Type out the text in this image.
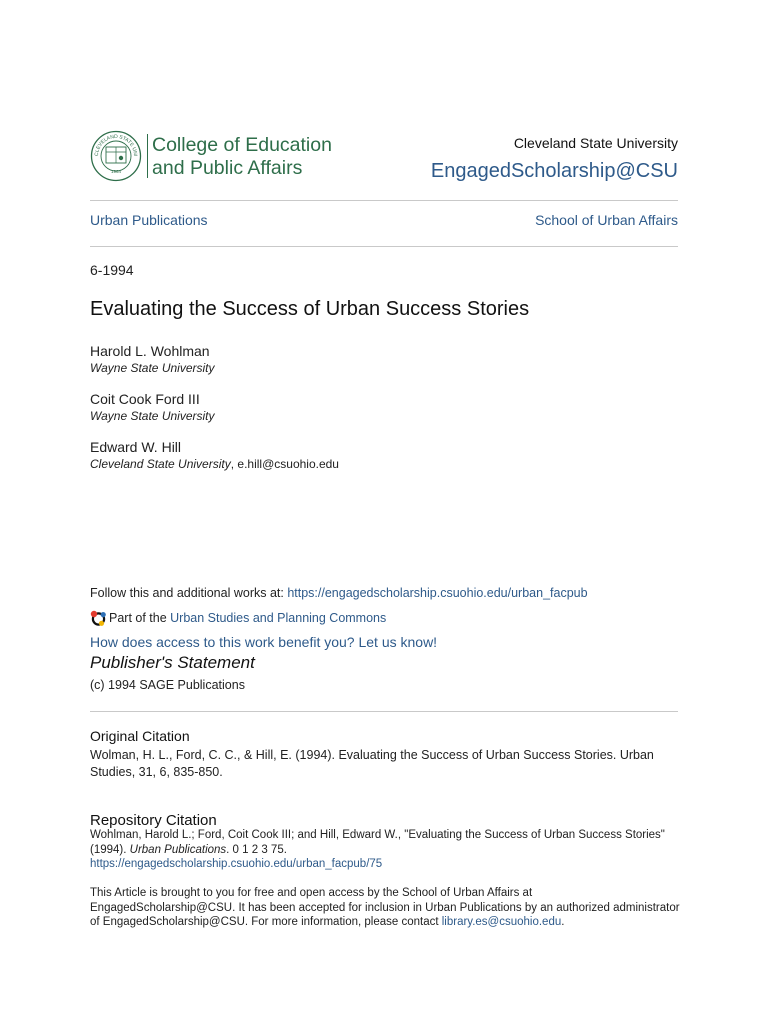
CLEVELAND STATE UNI
1964
College of Education
and Public Affairs
Cleveland State University
EngagedScholarship@CSU
Urban Publications	School of Urban Affairs
6-1994
Evaluating the Success of Urban Success Stories
Harold L. Wohlman
Wayne State University
Coit Cook Ford III
Wayne State University
Edward W. Hill
Cleveland State University, e.hill@csuohio.edu
Follow this and additional works at: https://engagedscholarship.csuohio.edu/urban_facpub
Part of the Urban Studies and Planning Commons
How does access to this work benefit you? Let us know!
Publisher's Statement
(c) 1994 SAGE Publications
Original Citation
Wolman, H. L., Ford, C. C., & Hill, E. (1994). Evaluating the Success of Urban Success Stories. Urban Studies, 31, 6, 835-850.
Repository Citation
Wohlman, Harold L.; Ford, Coit Cook III; and Hill, Edward W., "Evaluating the Success of Urban Success Stories"
(1994). Urban Publications. 0 1 2 3 75.
https://engagedscholarship.csuohio.edu/urban_facpub/75
This Article is brought to you for free and open access by the School of Urban Affairs at
EngagedScholarship@CSU. It has been accepted for inclusion in Urban Publications by an authorized administrator
of EngagedScholarship@CSU. For more information, please contact library.es@csuohio.edu.
